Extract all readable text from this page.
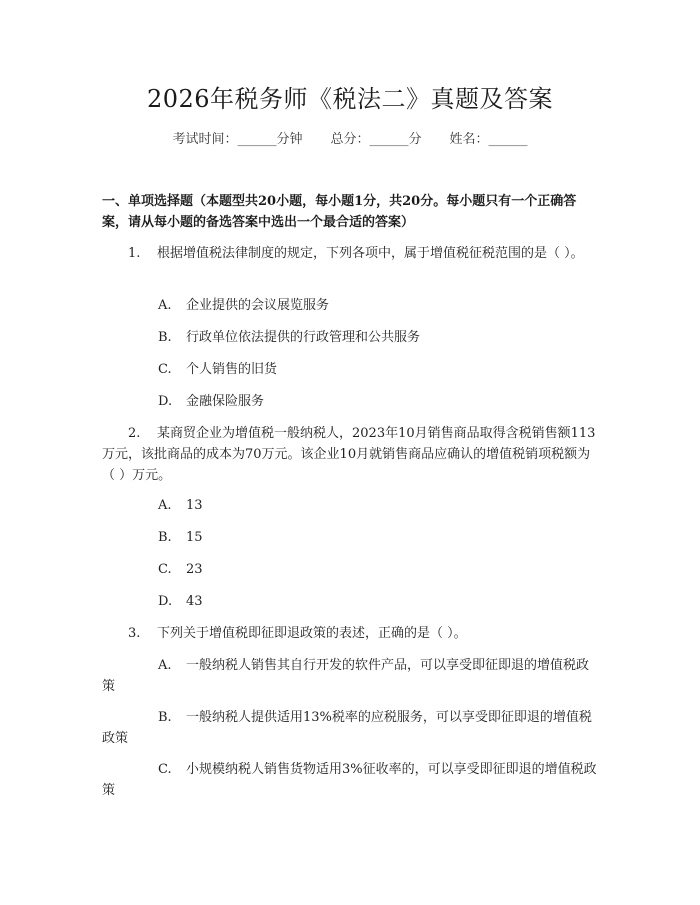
2026年税务师《税法二》真题及答案
考试时间：______分钟 总分：______分 姓名：______
一、单项选择题（本题型共20小题，每小题1分，共20分。每小题只有一个正确答案，请从每小题的备选答案中选出一个最合适的答案）
1. 根据增值税法律制度的规定，下列各项中，属于增值税征税范围的是（ ）。
A. 企业提供的会议展览服务
B. 行政单位依法提供的行政管理和公共服务
C. 个人销售的旧货
D. 金融保险服务
2. 某商贸企业为增值税一般纳税人，2023年10月销售商品取得含税销售额113万元，该批商品的成本为70万元。该企业10月就销售商品应确认的增值税销项税额为（ ）万元。
A. 13
B. 15
C. 23
D. 43
3. 下列关于增值税即征即退政策的表述，正确的是（ ）。
A. 一般纳税人销售其自行开发的软件产品，可以享受即征即退的增值税政策
B. 一般纳税人提供适用13%税率的应税服务，可以享受即征即退的增值税政策
C. 小规模纳税人销售货物适用3%征收率的，可以享受即征即退的增值税政策
